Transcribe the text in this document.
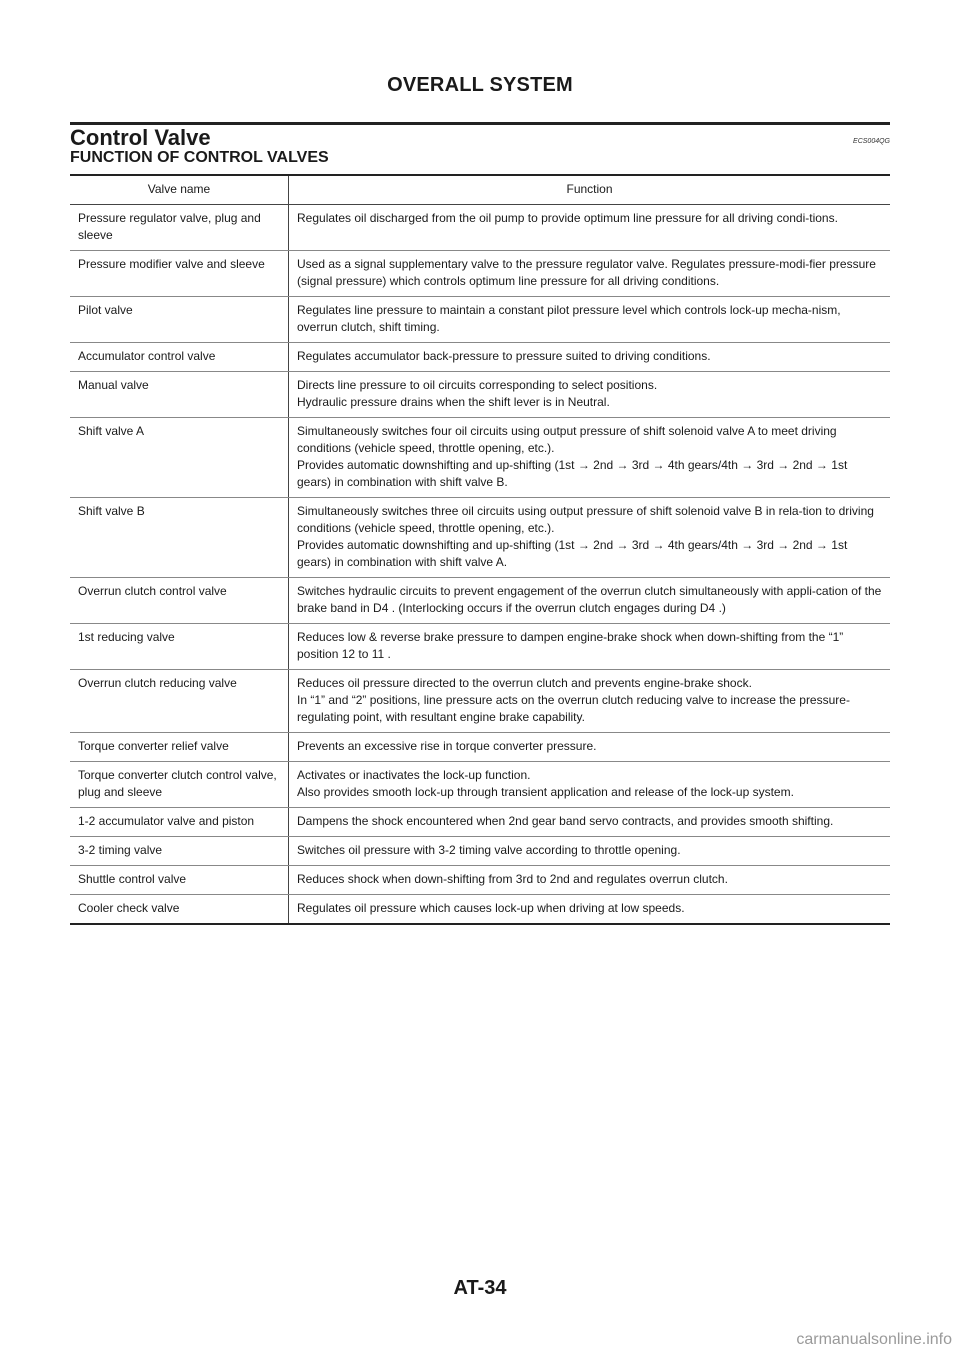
OVERALL SYSTEM
Control Valve	ECS004QG
FUNCTION OF CONTROL VALVES
Valve name	Function
Pressure regulator valve, plug and sleeve	Regulates oil discharged from the oil pump to provide optimum line pressure for all driving condi-tions.

Pressure modifier valve and sleeve	Used as a signal supplementary valve to the pressure regulator valve. Regulates pressure-modi-fier pressure (signal pressure) which controls optimum line pressure for all driving conditions.

Pilot valve	Regulates line pressure to maintain a constant pilot pressure level which controls lock-up mecha-nism, overrun clutch, shift timing.

Accumulator control valve	Regulates accumulator back-pressure to pressure suited to driving conditions.

Manual valve	Directs line pressure to oil circuits corresponding to select positions.
Hydraulic pressure drains when the shift lever is in Neutral.

Shift valve A	Simultaneously switches four oil circuits using output pressure of shift solenoid valve A to meet driving conditions (vehicle speed, throttle opening, etc.).
Provides automatic downshifting and up-shifting (1st → 2nd → 3rd → 4th gears/4th → 3rd → 2nd → 1st gears) in combination with shift valve B.

Shift valve B	Simultaneously switches three oil circuits using output pressure of shift solenoid valve B in rela-tion to driving conditions (vehicle speed, throttle opening, etc.).
Provides automatic downshifting and up-shifting (1st → 2nd → 3rd → 4th gears/4th → 3rd → 2nd → 1st gears) in combination with shift valve A.

Overrun clutch control valve	Switches hydraulic circuits to prevent engagement of the overrun clutch simultaneously with appli-cation of the brake band in D4 . (Interlocking occurs if the overrun clutch engages during D4 .)

1st reducing valve	Reduces low & reverse brake pressure to dampen engine-brake shock when down-shifting from the “1” position 12 to 11 .

Overrun clutch reducing valve	Reduces oil pressure directed to the overrun clutch and prevents engine-brake shock.
In “1” and “2” positions, line pressure acts on the overrun clutch reducing valve to increase the pressure-regulating point, with resultant engine brake capability.

Torque converter relief valve	Prevents an excessive rise in torque converter pressure.

Torque converter clutch control valve, plug and sleeve	Activates or inactivates the lock-up function.
Also provides smooth lock-up through transient application and release of the lock-up system.

1-2 accumulator valve and piston	Dampens the shock encountered when 2nd gear band servo contracts, and provides smooth shifting.

3-2 timing valve	Switches oil pressure with 3-2 timing valve according to throttle opening.

Shuttle control valve	Reduces shock when down-shifting from 3rd to 2nd and regulates overrun clutch.

Cooler check valve	Regulates oil pressure which causes lock-up when driving at low speeds.
AT-34
carmanualsonline.info
